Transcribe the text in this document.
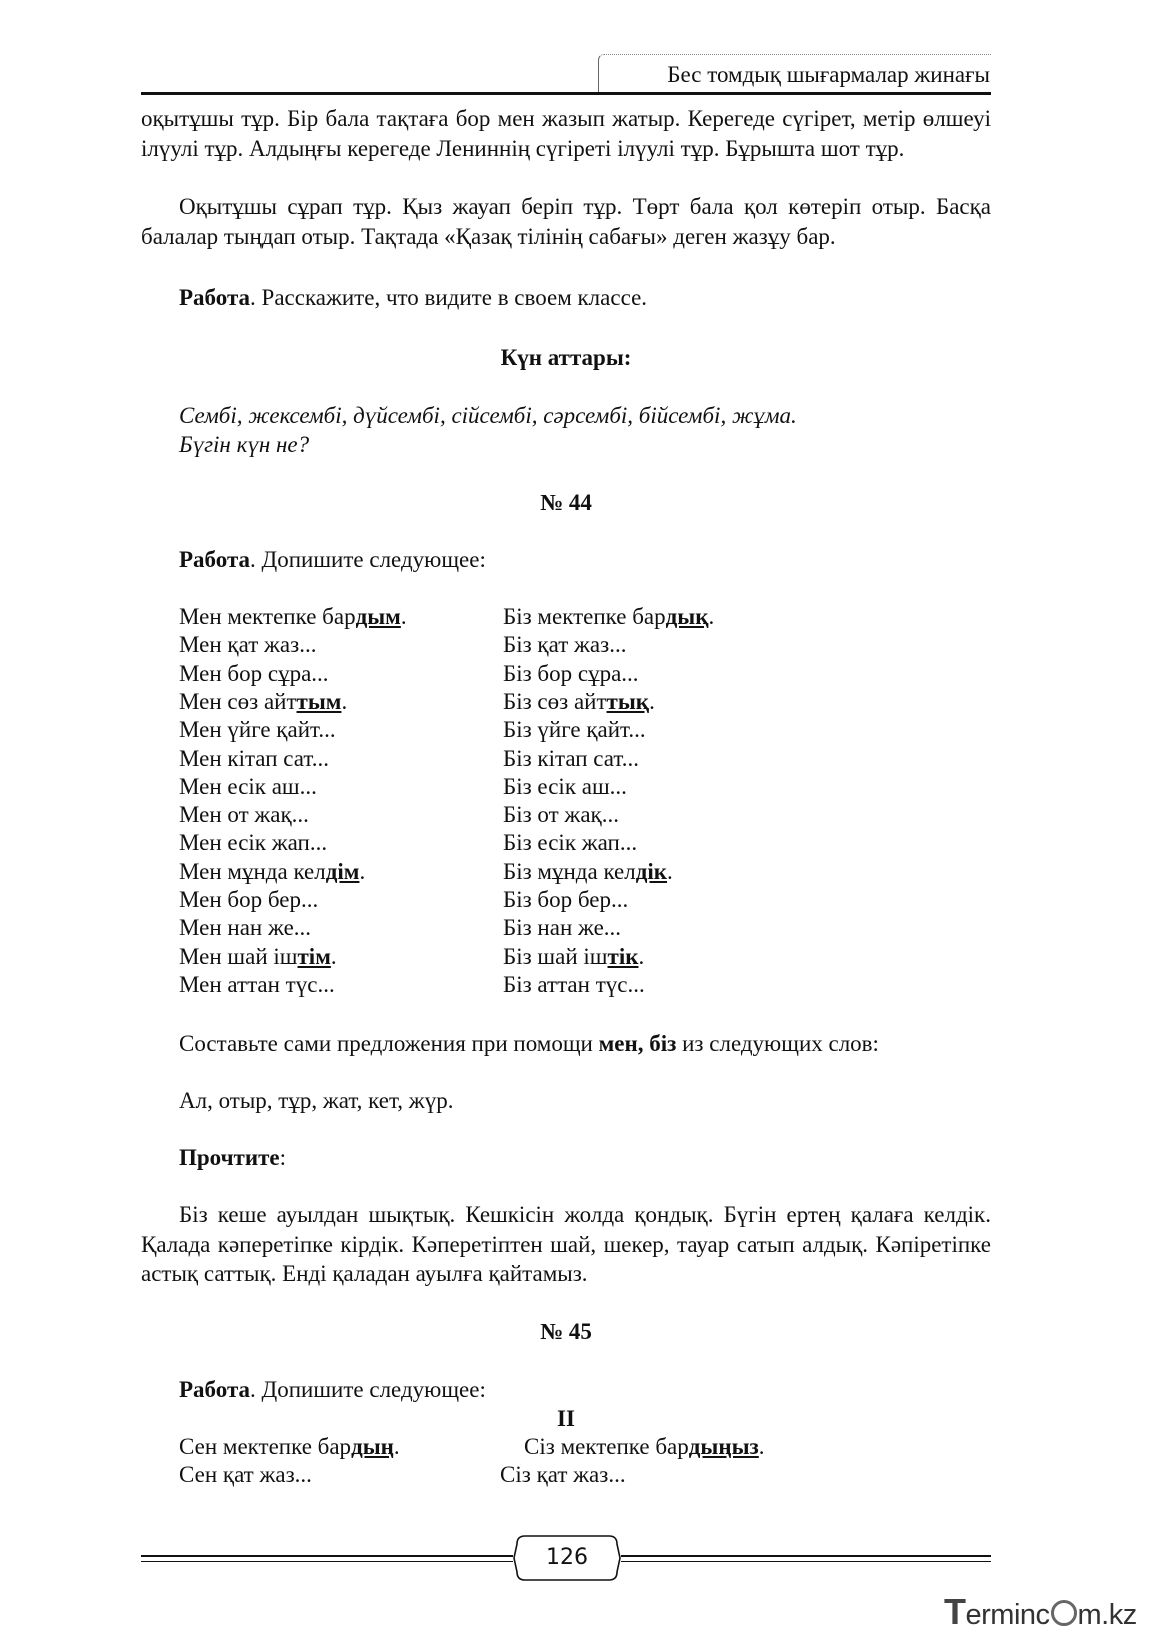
Бес томдық шығармалар жинағы
оқытұшы тұр. Бір бала тақтаға бор мен жазып жатыр. Керегеде сүгірет, метір өлшеуі ілүулі тұр. Алдыңғы керегеде Лениннің сүгіреті ілүулі тұр. Бұрышта шот тұр.
Оқытұшы сұрап тұр. Қыз жауап беріп тұр. Төрт бала қол көтеріп отыр. Басқа балалар тыңдап отыр. Тақтада «Қазақ тілінің сабағы» деген жазұу бар.
Работа. Расскажите, что видите в своем классе.
Күн аттары:
Сембі, жексембі, дүйсембі, сійсембі, сәрсембі, бійсембі, жұма.
Бүгін күн не?
№ 44
Работа. Допишите следующее:
Мен мектепке бардым.	Біз мектепке бардық.
Мен қат жаз...	Біз қат жаз...
Мен бор сұра...	Біз бор сұра...
Мен сөз айттым.	Біз сөз айттық.
Мен үйге қайт...	Біз үйге қайт...
Мен кітап сат...	Біз кітап сат...
Мен есік аш...	Біз есік аш...
Мен от жақ...	Біз от жақ...
Мен есік жап...	Біз есік жап...
Мен мұнда келдім.	Біз мұнда келдік.
Мен бор бер...	Біз бор бер...
Мен нан же...	Біз нан же...
Мен шай іштім.	Біз шай іштік.
Мен аттан түс...	Біз аттан түс...
Составьте сами предложения при помощи мен, біз из следующих слов:
Ал, отыр, тұр, жат, кет, жүр.
Прочтите:
Біз кеше ауылдан шықтық. Кешкісін жолда қондық. Бүгін ертең қалаға келдік. Қалада кәперетіпке кірдік. Кәперетіптен шай, шекер, тауар сатып алдық. Кәпіретіпке астық саттық. Енді қаладан ауылға қайтамыз.
№ 45
Работа. Допишите следующее:
II
Сен мектепке бардың.	Сіз мектепке бардыңыз.
Сен қат жаз...	Сіз қат жаз...
126
Terminc m.kz
